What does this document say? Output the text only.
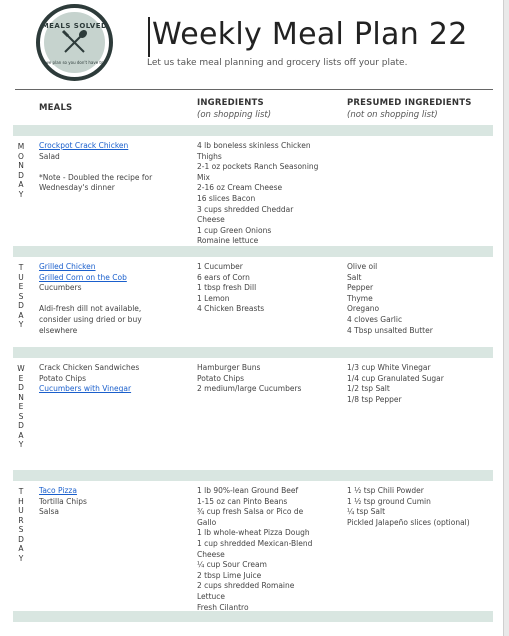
MEALS SOLVED
we plan so you don't have to
Weekly Meal Plan 22
Let us take meal planning and grocery lists off your plate.
MEALS	INGREDIENTS
(on shopping list)
PRESUMED INGREDIENTS
(not on shopping list)
M
O
N
D
A
Y
Crockpot Crack Chicken
Salad
*Note - Doubled the recipe for
Wednesday's dinner
4 lb boneless skinless Chicken
Thighs
2-1 oz pockets Ranch Seasoning
Mix
2-16 oz Cream Cheese
16 slices Bacon
3 cups shredded Cheddar
Cheese
1 cup Green Onions
Romaine lettuce
T
U
E
S
D
A
Y
Grilled Chicken
Grilled Corn on the Cob
Cucumbers
Aldi-fresh dill not available,
consider using dried or buy
elsewhere
1 Cucumber
6 ears of Corn
1 tbsp fresh Dill
1 Lemon
4 Chicken Breasts
Olive oil
Salt
Pepper
Thyme
Oregano
4 cloves Garlic
4 Tbsp unsalted Butter
W
E
D
N
E
S
D
A
Y
Crack Chicken Sandwiches
Potato Chips
Cucumbers with Vinegar
Hamburger Buns
Potato Chips
2 medium/large Cucumbers
1/3 cup White Vinegar
1/4 cup Granulated Sugar
1/2 tsp Salt
1/8 tsp Pepper
T
H
U
R
S
D
A
Y
Taco Pizza
Tortilla Chips
Salsa
1 lb 90%-lean Ground Beef
1-15 oz can Pinto Beans
¾ cup fresh Salsa or Pico de
Gallo
1 lb whole-wheat Pizza Dough
1 cup shredded Mexican-Blend
Cheese
¼ cup Sour Cream
2 tbsp Lime Juice
2 cups shredded Romaine
Lettuce
Fresh Cilantro
1 ½ tsp Chili Powder
1 ½ tsp ground Cumin
¼ tsp Salt
Pickled Jalapeño slices (optional)
